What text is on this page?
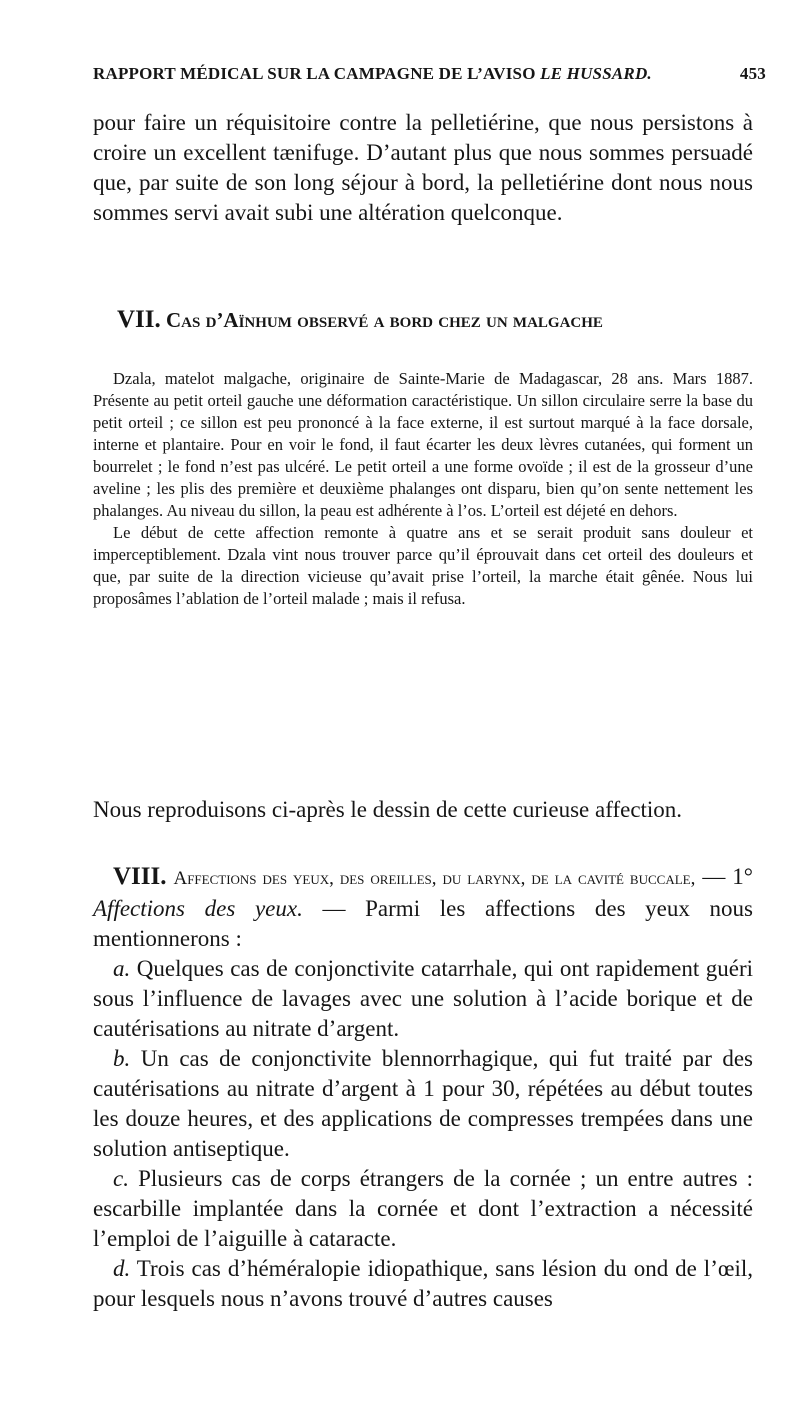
RAPPORT MÉDICAL SUR LA CAMPAGNE DE L’AVISO LE HUSSARD.	453

pour faire un réquisitoire contre la pelletiérine, que nous persistons à croire un excellent tænifuge. D’autant plus que nous sommes persuadé que, par suite de son long séjour à bord, la pelletiérine dont nous nous sommes servi avait subi une altération quelconque.

VII. Cas d’Aïnhum observé a bord chez un malgache

Dzala, matelot malgache, originaire de Sainte-Marie de Madagascar, 28 ans. Mars 1887. Présente au petit orteil gauche une déformation caractéristique. Un sillon circulaire serre la base du petit orteil ; ce sillon est peu prononcé à la face externe, il est surtout marqué à la face dorsale, interne et plantaire. Pour en voir le fond, il faut écarter les deux lèvres cutanées, qui forment un bourrelet ; le fond n’est pas ulcéré. Le petit orteil a une forme ovoïde ; il est de la grosseur d’une aveline ; les plis des première et deuxième phalanges ont disparu, bien qu’on sente nettement les phalanges. Au niveau du sillon, la peau est adhérente à l’os. L’orteil est déjeté en dehors.

Le début de cette affection remonte à quatre ans et se serait produit sans douleur et imperceptiblement. Dzala vint nous trouver parce qu’il éprouvait dans cet orteil des douleurs et que, par suite de la direction vicieuse qu’avait prise l’orteil, la marche était gênée. Nous lui proposâmes l’ablation de l’orteil malade ; mais il refusa.

Nous reproduisons ci-après le dessin de cette curieuse affection.

VIII. Affections des yeux, des oreilles, du larynx, de la cavité buccale, — 1° Affections des yeux. — Parmi les affections des yeux nous mentionnerons :

a. Quelques cas de conjonctivite catarrhale, qui ont rapidement guéri sous l’influence de lavages avec une solution à l’acide borique et de cautérisations au nitrate d’argent.

b. Un cas de conjonctivite blennorrhagique, qui fut traité par des cautérisations au nitrate d’argent à 1 pour 30, répétées au début toutes les douze heures, et des applications de compresses trempées dans une solution antiseptique.

c. Plusieurs cas de corps étrangers de la cornée ; un entre autres : escarbille implantée dans la cornée et dont l’extraction a nécessité l’emploi de l’aiguille à cataracte.

d. Trois cas d’héméralopie idiopathique, sans lésion du ond de l’œil, pour lesquels nous n’avons trouvé d’autres causes
